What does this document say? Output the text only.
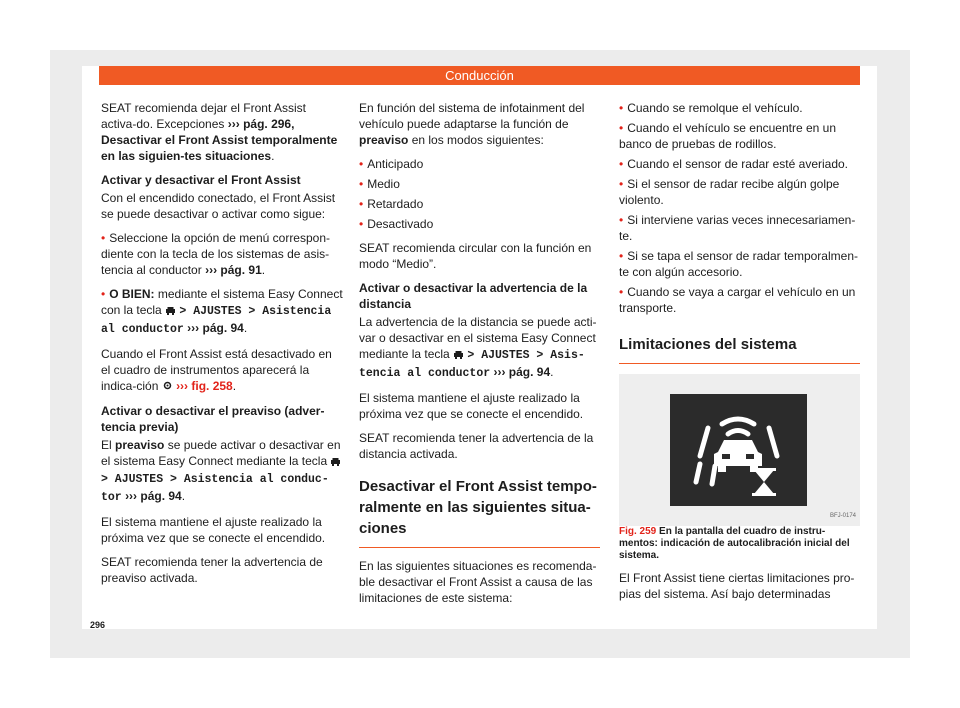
Conducción

SEAT recomienda dejar el Front Assist activa-do. Excepciones ››› pág. 296, Desactivar el Front Assist temporalmente en las siguien-tes situaciones.

Activar y desactivar el Front Assist

Con el encendido conectado, el Front Assist se puede desactivar o activar como sigue:

• Seleccione la opción de menú correspon-diente con la tecla de los sistemas de asis-tencia al conductor ››› pág. 91.

• O BIEN: mediante el sistema Easy Connect con la tecla > AJUSTES > Asistencia al conductor ››› pág. 94.

Cuando el Front Assist está desactivado en el cuadro de instrumentos aparecerá la indica-ción ››› fig. 258.

Activar o desactivar el preaviso (adver-tencia previa)

El preaviso se puede activar o desactivar en el sistema Easy Connect mediante la tecla  > AJUSTES > Asistencia al conduc-tor ››› pág. 94.

El sistema mantiene el ajuste realizado la próxima vez que se conecte el encendido.

SEAT recomienda tener la advertencia de preaviso activada.

En función del sistema de infotainment del vehículo puede adaptarse la función de preaviso en los modos siguientes:

• Anticipado
• Medio
• Retardado
• Desactivado

SEAT recomienda circular con la función en modo “Medio”.

Activar o desactivar la advertencia de la distancia

La advertencia de la distancia se puede acti-var o desactivar en el sistema Easy Connect mediante la tecla > AJUSTES > Asis-tencia al conductor ››› pág. 94.

El sistema mantiene el ajuste realizado la próxima vez que se conecte el encendido.

SEAT recomienda tener la advertencia de la distancia activada.

Desactivar el Front Assist tempo-ralmente en las siguientes situa-ciones

En las siguientes situaciones es recomenda-ble desactivar el Front Assist a causa de las limitaciones de este sistema:

• Cuando se remolque el vehículo.

• Cuando el vehículo se encuentre en un banco de pruebas de rodillos.

• Cuando el sensor de radar esté averiado.

• Si el sensor de radar recibe algún golpe violento.

• Si interviene varias veces innecesariamen-te.

• Si se tapa el sensor de radar temporalmen-te con algún accesorio.

• Cuando se vaya a cargar el vehículo en un transporte.

Limitaciones del sistema
BFJ-0174

Fig. 259 En la pantalla del cuadro de instru-mentos: indicación de autocalibración inicial del sistema.

El Front Assist tiene ciertas limitaciones pro-pias del sistema. Así bajo determinadas

296
